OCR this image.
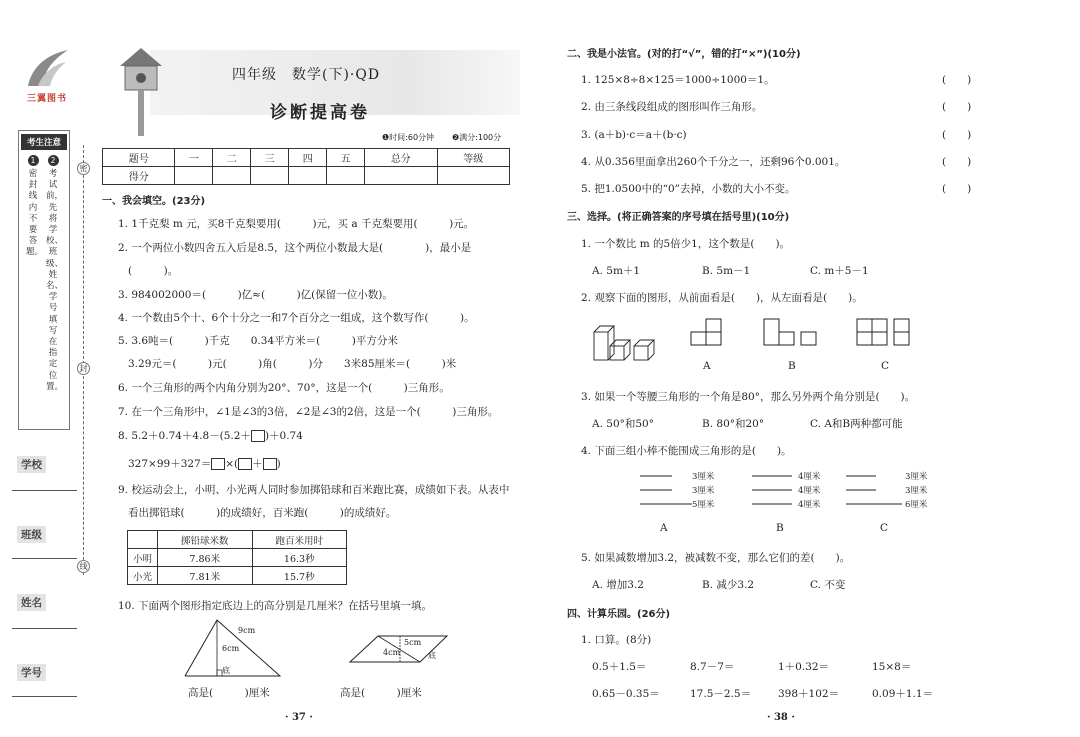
三翼图书
考生注意
1
密封线内不要答题。
2
考试前，先将学校、班级、姓名、学号填写在指定位置。
学校
班级
姓名
学号
密
封
线
四年级　数学(下)·QD
诊断提高卷
❶时间:60分钟 ❷满分:100分
题号	一	二	三	四	五	总分	等级
得分							
一、我会填空。(23分)
1. 1千克梨 m 元，买8千克梨要用(　　　)元，买 a 千克梨要用(　　　)元。
2. 一个两位小数四舍五入后是8.5，这个两位小数最大是(　　　　)，最小是
(　　　)。
3. 984002000＝(　　　)亿≈(　　　)亿(保留一位小数)。
4. 一个数由5个十、6个十分之一和7个百分之一组成，这个数写作(　　　)。
5. 3.6吨＝(　　　)千克　　0.34平方米＝(　　　)平方分米
3.29元＝(　　　)元(　　　)角(　　　)分　　3米85厘米＝(　　　)米
6. 一个三角形的两个内角分别为20°、70°，这是一个(　　　)三角形。
7. 在一个三角形中，∠1是∠3的3倍，∠2是∠3的2倍，这是一个(　　　)三角形。
8. 5.2＋0.74＋4.8－(5.2＋ )＋0.74
327×99＋327＝ ×( ＋ )
9. 校运动会上，小明、小光两人同时参加掷铅球和百米跑比赛，成绩如下表。从表中
看出掷铅球(　　　)的成绩好，百米跑(　　　)的成绩好。
	掷铅球米数	跑百米用时
小明	7.86米	16.3秒
小光	7.81米	15.7秒
10. 下面两个图形指定底边上的高分别是几厘米？在括号里填一填。
9cm
6cm
底
5cm
4cm	底
高是(　　　)厘米	高是(　　　)厘米
· 37 ·
二、我是小法官。(对的打“√”，错的打“×”)(10分)
1. 125×8÷8×125＝1000÷1000＝1。	(　　)
2. 由三条线段组成的图形叫作三角形。	(　　)
3. (a＋b)·c＝a＋(b·c)	(　　)
4. 从0.356里面拿出260个千分之一，还剩96个0.001。	(　　)
5. 把1.0500中的“0”去掉，小数的大小不变。	(　　)
三、选择。(将正确答案的序号填在括号里)(10分)
1. 一个数比 m 的5倍少1，这个数是(　　)。
A. 5m＋1	B. 5m－1	C. m＋5－1
2. 观察下面的图形，从前面看是(　　)，从左面看是(　　)。
A	B	C
3. 如果一个等腰三角形的一个角是80°，那么另外两个角分别是(　　)。
A. 50°和50°	B. 80°和20°	C. A和B两种都可能
4. 下面三组小棒不能围成三角形的是(　　)。
3厘米
3厘米
5厘米
4厘米
4厘米
4厘米
3厘米
3厘米
6厘米
A	B	C
5. 如果减数增加3.2，被减数不变，那么它们的差(　　)。
A. 增加3.2	B. 减少3.2	C. 不变
四、计算乐园。(26分)
1. 口算。(8分)
0.5＋1.5＝	8.7－7＝	1＋0.32＝	15×8＝
0.65－0.35＝	17.5－2.5＝	398＋102＝	0.09＋1.1＝
· 38 ·
